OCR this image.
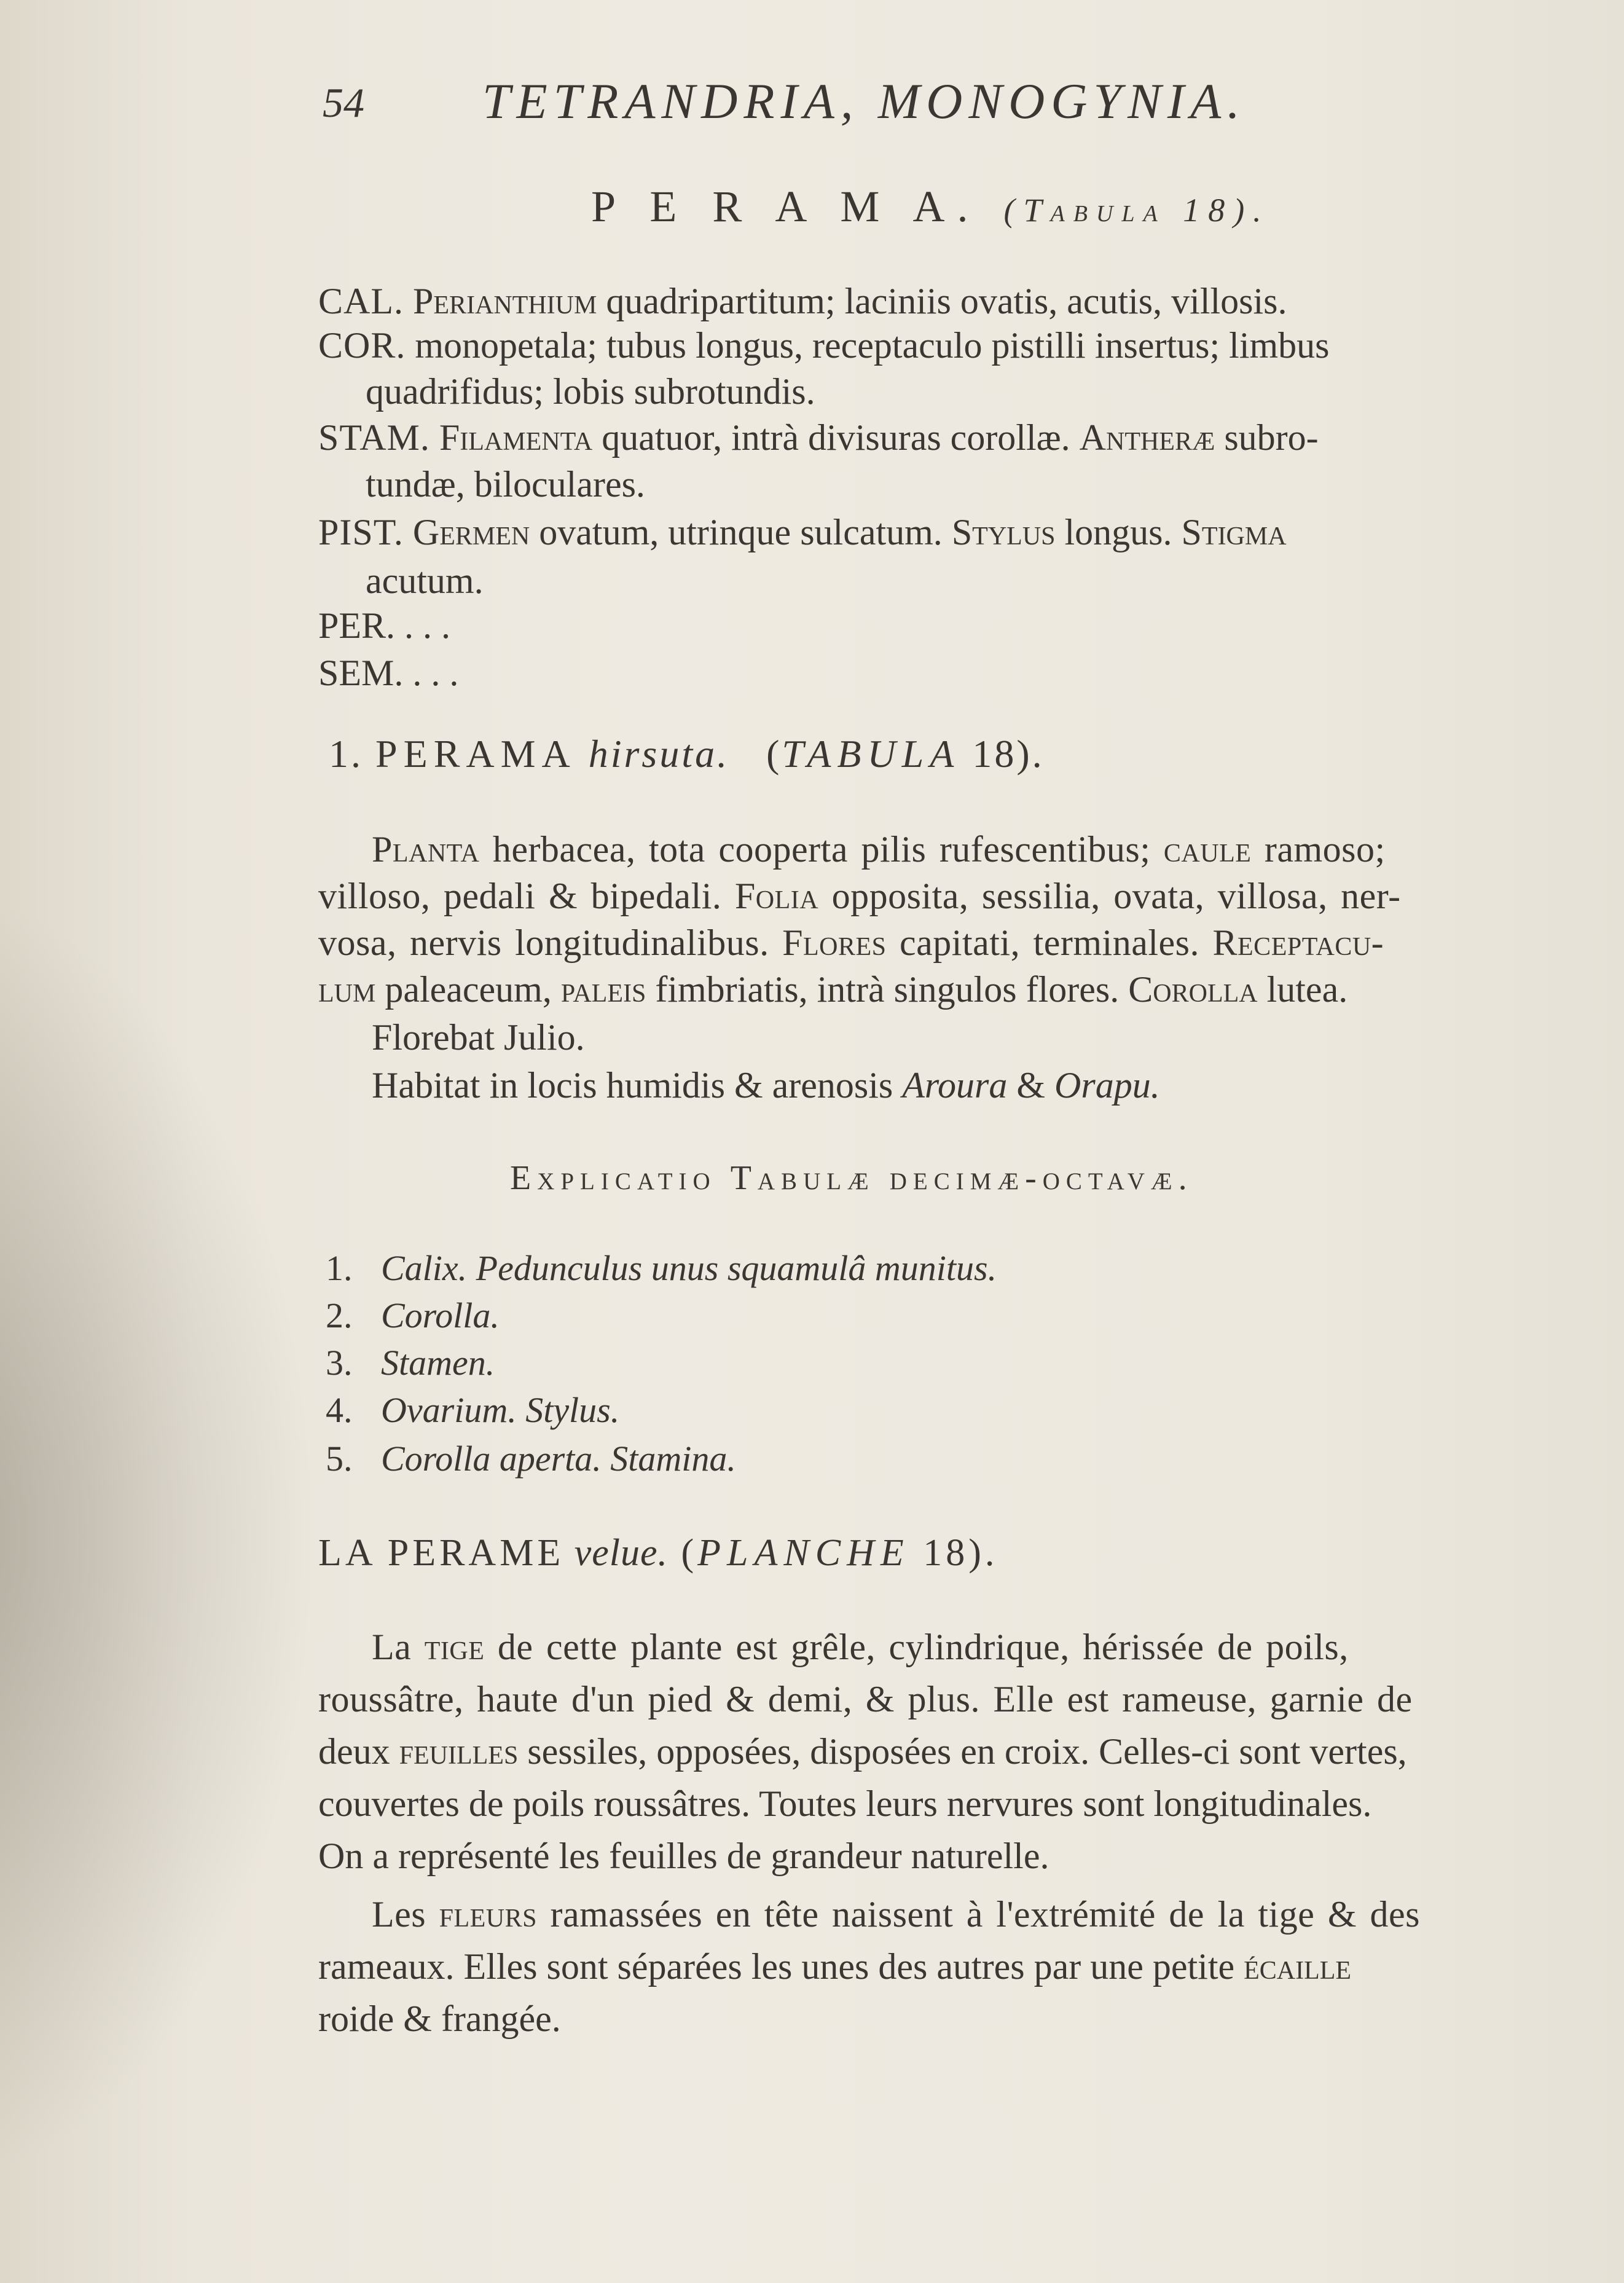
54 TETRANDRIA, MONOGYNIA.
P E R A M A. (Tabula 18).
CAL. Perianthium quadripartitum; laciniis ovatis, acutis, villosis.
COR. monopetala; tubus longus, receptaculo pistilli insertus; limbus
quadrifidus; lobis subrotundis.
STAM. Filamenta quatuor, intrà divisuras corollæ. Antheræ subro-
tundæ, biloculares.
PIST. Germen ovatum, utrinque sulcatum. Stylus longus. Stigma
acutum.
PER. . . .
SEM. . . .
1. PERAMA hirsuta. (TABULA 18).
Planta herbacea, tota cooperta pilis rufescentibus; caule ramoso;
villoso, pedali & bipedali. Folia opposita, sessilia, ovata, villosa, ner-
vosa, nervis longitudinalibus. Flores capitati, terminales. Receptacu-
lum paleaceum, paleis fimbriatis, intrà singulos flores. Corolla lutea.
Florebat Julio.
Habitat in locis humidis & arenosis Aroura & Orapu.
Explicatio Tabulæ decimæ-octavæ.
1. Calix. Pedunculus unus squamulâ munitus.
2. Corolla.
3. Stamen.
4. Ovarium. Stylus.
5. Corolla aperta. Stamina.
LA PERAME velue. (PLANCHE 18).
La tige de cette plante est grêle, cylindrique, hérissée de poils,
roussâtre, haute d'un pied & demi, & plus. Elle est rameuse, garnie de
deux feuilles sessiles, opposées, disposées en croix. Celles-ci sont vertes,
couvertes de poils roussâtres. Toutes leurs nervures sont longitudinales.
On a représenté les feuilles de grandeur naturelle.
Les fleurs ramassées en tête naissent à l'extrémité de la tige & des
rameaux. Elles sont séparées les unes des autres par une petite écaille
roide & frangée.
